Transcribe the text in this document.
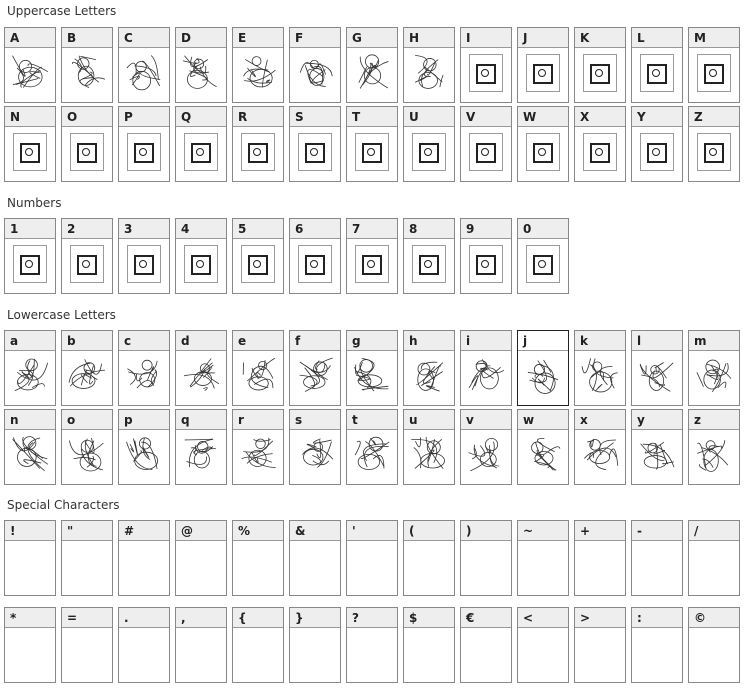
Uppercase Letters
A	B	C	D	E	F	G	H	I	J	K	L	M
N	O	P	Q	R	S	T	U	V	W	X	Y	Z
Numbers
1	2	3	4	5	6	7	8	9	0
Lowercase Letters
a	b	c	d	e	f	g	h	i	j	k	l	m
n	o	p	q	r	s	t	u	v	w	x	y	z
Special Characters
!	"	#	@	%	&	'	(	)	~	+	-	/
*	=	.	,	{	}	?	$	€	<	>	:	©
